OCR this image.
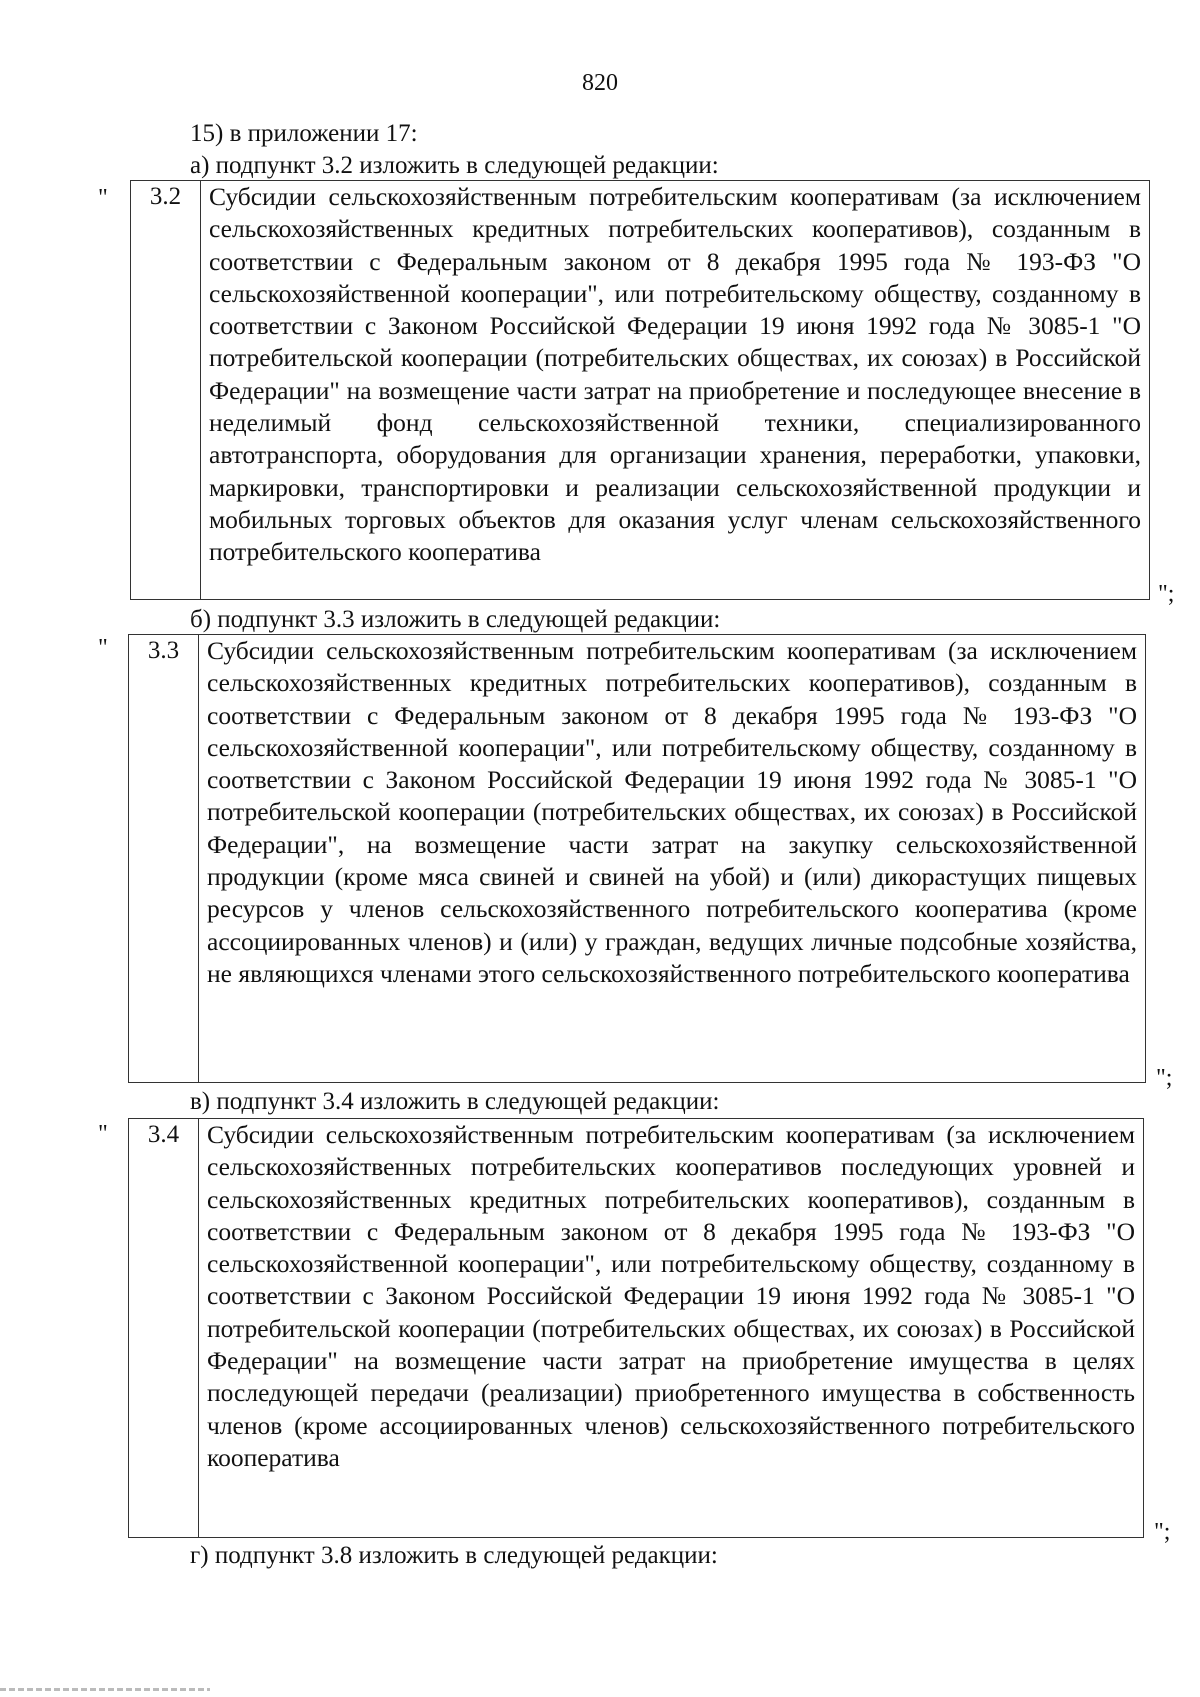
820
15) в приложении 17:
а) подпункт 3.2 изложить в следующей редакции:
"	3.2	Субсидии сельскохозяйственным потребительским кооперативам (за исключением сельскохозяйственных кредитных потребительских кооперативов), созданным в соответствии с Федеральным законом от 8 декабря 1995 года № 193-ФЗ "О сельскохозяйственной кооперации", или потребительскому обществу, созданному в соответствии с Законом Российской Федерации 19 июня 1992 года № 3085-1 "О потребительской кооперации (потребительских обществах, их союзах) в Российской Федерации" на возмещение части затрат на приобретение и последующее внесение в неделимый фонд сельскохозяйственной техники, специализированного автотранспорта, оборудования для организации хранения, переработки, упаковки, маркировки, транспортировки и реализации сельскохозяйственной продукции и мобильных торговых объектов для оказания услуг членам сельскохозяйственного потребительского кооператива
";
б) подпункт 3.3 изложить в следующей редакции:
"	3.3	Субсидии сельскохозяйственным потребительским кооперативам (за исключением сельскохозяйственных кредитных потребительских кооперативов), созданным в соответствии с Федеральным законом от 8 декабря 1995 года № 193-ФЗ "О сельскохозяйственной кооперации", или потребительскому обществу, созданному в соответствии с Законом Российской Федерации 19 июня 1992 года № 3085-1 "О потребительской кооперации (потребительских обществах, их союзах) в Российской Федерации", на возмещение части затрат на закупку сельскохозяйственной продукции (кроме мяса свиней и свиней на убой) и (или) дикорастущих пищевых ресурсов у членов сельскохозяйственного потребительского кооператива (кроме ассоциированных членов) и (или) у граждан, ведущих личные подсобные хозяйства, не являющихся членами этого сельскохозяйственного потребительского кооператива
";
в) подпункт 3.4 изложить в следующей редакции:
"	3.4	Субсидии сельскохозяйственным потребительским кооперативам (за исключением сельскохозяйственных потребительских кооперативов последующих уровней и сельскохозяйственных кредитных потребительских кооперативов), созданным в соответствии с Федеральным законом от 8 декабря 1995 года № 193-ФЗ "О сельскохозяйственной кооперации", или потребительскому обществу, созданному в соответствии с Законом Российской Федерации 19 июня 1992 года № 3085-1 "О потребительской кооперации (потребительских обществах, их союзах) в Российской Федерации" на возмещение части затрат на приобретение имущества в целях последующей передачи (реализации) приобретенного имущества в собственность членов (кроме ассоциированных членов) сельскохозяйственного потребительского кооператива
";
г) подпункт 3.8 изложить в следующей редакции:
